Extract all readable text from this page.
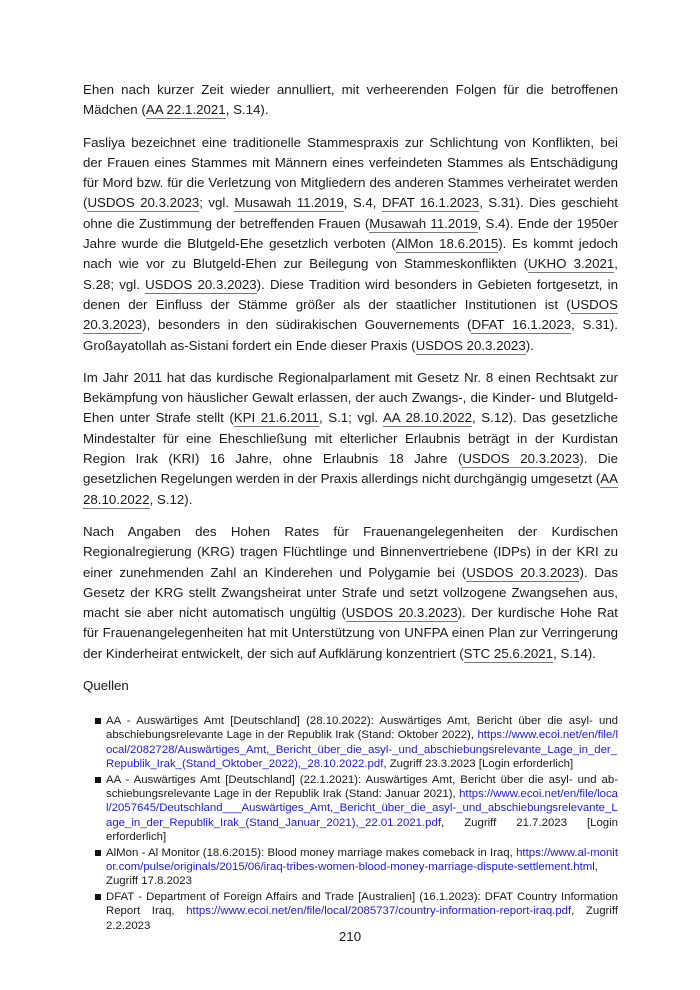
Ehen nach kurzer Zeit wieder annulliert, mit verheerenden Folgen für die betroffenen Mädchen (AA 22.1.2021, S.14).

Fasliya bezeichnet eine traditionelle Stammespraxis zur Schlichtung von Konflikten, bei der Frauen eines Stammes mit Männern eines verfeindeten Stammes als Entschädigung für Mord bzw. für die Verletzung von Mitgliedern des anderen Stammes verheiratet werden (USDOS 20.3.2023; vgl. Musawah 11.2019, S.4, DFAT 16.1.2023, S.31). Dies geschieht ohne die Zustimmung der betreffenden Frauen (Musawah 11.2019, S.4). Ende der 1950er Jahre wurde die Blutgeld-Ehe gesetzlich verboten (AlMon 18.6.2015). Es kommt jedoch nach wie vor zu Blutgeld-Ehen zur Beilegung von Stammeskonflikten (UKHO 3.2021, S.28; vgl. USDOS 20.3.2023). Diese Tradition wird besonders in Gebieten fortgesetzt, in denen der Einfluss der Stämme größer als der staatlicher Institutionen ist (USDOS 20.3.2023), besonders in den südirakischen Gouvernements (DFAT 16.1.2023, S.31). Großayatollah as-Sistani fordert ein Ende dieser Praxis (USDOS 20.3.2023).

Im Jahr 2011 hat das kurdische Regionalparlament mit Gesetz Nr. 8 einen Rechtsakt zur Bekämpfung von häuslicher Gewalt erlassen, der auch Zwangs-, die Kinder- und Blutgeld-Ehen unter Strafe stellt (KPI 21.6.2011, S.1; vgl. AA 28.10.2022, S.12). Das gesetzliche Mindestalter für eine Eheschließung mit elterlicher Erlaubnis beträgt in der Kurdistan Region Irak (KRI) 16 Jahre, ohne Erlaubnis 18 Jahre (USDOS 20.3.2023). Die gesetzlichen Regelungen werden in der Praxis allerdings nicht durchgängig umgesetzt (AA 28.10.2022, S.12).

Nach Angaben des Hohen Rates für Frauenangelegenheiten der Kurdischen Regionalregierung (KRG) tragen Flüchtlinge und Binnenvertriebene (IDPs) in der KRI zu einer zunehmenden Zahl an Kinderehen und Polygamie bei (USDOS 20.3.2023). Das Gesetz der KRG stellt Zwangsheirat unter Strafe und setzt vollzogene Zwangsehen aus, macht sie aber nicht automatisch ungültig (USDOS 20.3.2023). Der kurdische Hohe Rat für Frauenangelegenheiten hat mit Unterstützung von UNFPA einen Plan zur Verringerung der Kinderheirat entwickelt, der sich auf Aufklärung konzentriert (STC 25.6.2021, S.14).

Quellen
AA - Auswärtiges Amt [Deutschland] (28.10.2022): Auswärtiges Amt, Bericht über die asyl- und abschiebungsrelevante Lage in der Republik Irak (Stand: Oktober 2022), https://www.ecoi.net/en/file/local/2082728/Auswärtiges_Amt,_Bericht_über_die_asyl-_und_abschiebungsrelevante_Lage_in_der_Republik_Irak_(Stand_Oktober_2022),_28.10.2022.pdf, Zugriff 23.3.2023 [Login erforderlich]
AA - Auswärtiges Amt [Deutschland] (22.1.2021): Auswärtiges Amt, Bericht über die asyl- und abschiebungsrelevante Lage in der Republik Irak (Stand: Januar 2021), https://www.ecoi.net/en/file/local/2057645/Deutschland___Auswärtiges_Amt,_Bericht_über_die_asyl-_und_abschiebungsrelevante_Lage_in_der_Republik_Irak_(Stand_Januar_2021),_22.01.2021.pdf, Zugriff 21.7.2023 [Login erforderlich]
AlMon - Al Monitor (18.6.2015): Blood money marriage makes comeback in Iraq, https://www.al-monitor.com/pulse/originals/2015/06/iraq-tribes-women-blood-money-marriage-dispute-settlement.html, Zugriff 17.8.2023
DFAT - Department of Foreign Affairs and Trade [Australien] (16.1.2023): DFAT Country Information Report Iraq, https://www.ecoi.net/en/file/local/2085737/country-information-report-iraq.pdf, Zugriff 2.2.2023
210
